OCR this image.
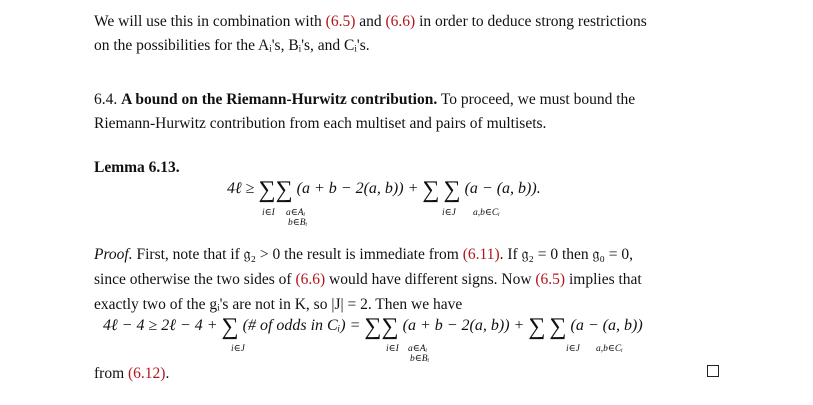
We will use this in combination with (6.5) and (6.6) in order to deduce strong restrictions
on the possibilities for the Aᵢ's, Bᵢ's, and Cᵢ's.
6.4. A bound on the Riemann-Hurwitz contribution. To proceed, we must bound the
Riemann-Hurwitz contribution from each multiset and pairs of multisets.
Lemma 6.13.
4ℓ ≥ ∑∑ (a + b − 2(a, b)) + ∑ ∑ (a − (a, b)).
i∈I a∈Aᵢ
b∈Bᵢ
i∈J a,b∈Cᵢ
Proof. First, note that if 𝔤₂ > 0 the result is immediate from (6.11). If 𝔤₂ = 0 then 𝔤₀ = 0,
since otherwise the two sides of (6.6) would have different signs. Now (6.5) implies that
exactly two of the gᵢ's are not in K, so |J| = 2. Then we have
4ℓ − 4 ≥ 2ℓ − 4 + ∑ (# of odds in Cᵢ) = ∑∑ (a + b − 2(a, b)) + ∑ ∑ (a − (a, b))
i∈J	i∈I a∈Aᵢ
b∈Bᵢ
i∈J a,b∈Cᵢ
from (6.12).
